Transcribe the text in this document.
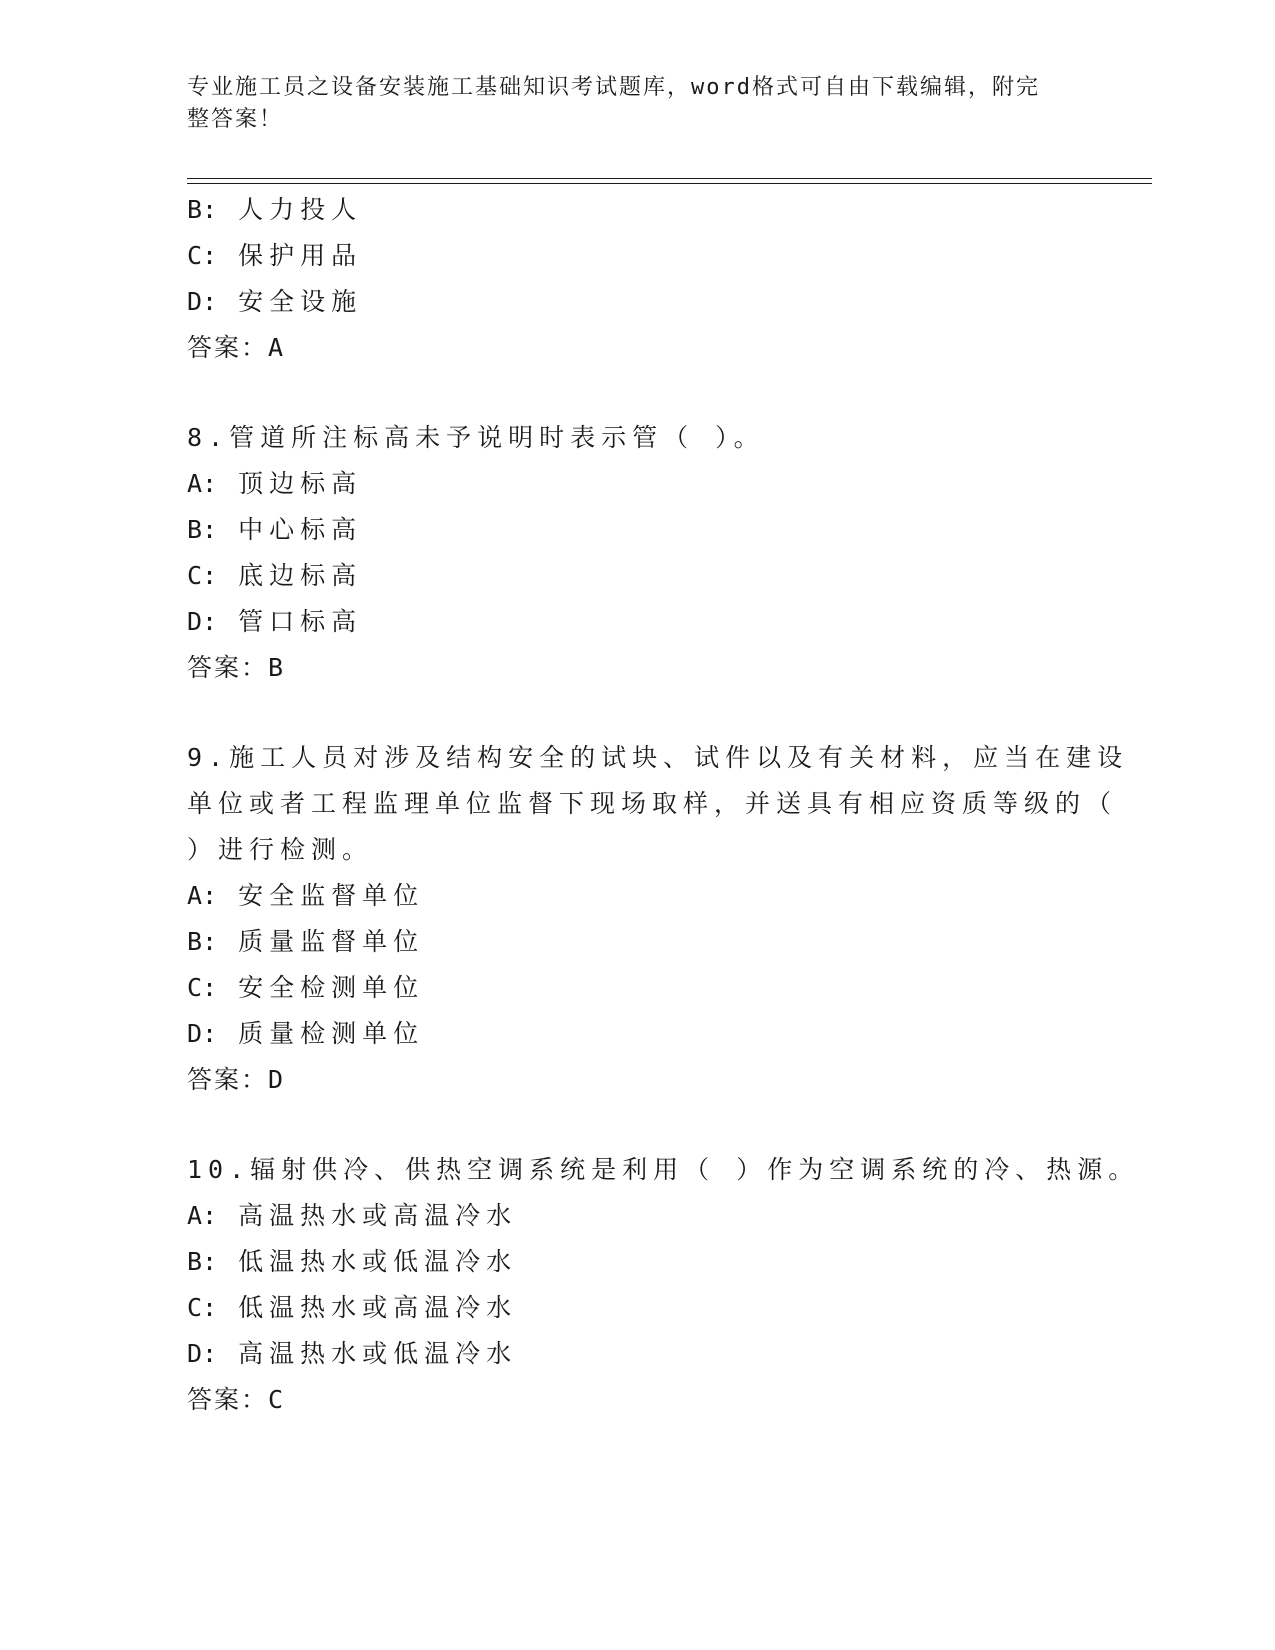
专业施工员之设备安装施工基础知识考试题库，word格式可自由下载编辑，附完
整答案！
B: 人力投人
C: 保护用品
D: 安全设施
答案：A
8.管道所注标高未予说明时表示管（ ）。
A: 顶边标高
B: 中心标高
C: 底边标高
D: 管口标高
答案：B
9.施工人员对涉及结构安全的试块、试件以及有关材料，应当在建设
单位或者工程监理单位监督下现场取样，并送具有相应资质等级的（
）进行检测。
A: 安全监督单位
B: 质量监督单位
C: 安全检测单位
D: 质量检测单位
答案：D
10.辐射供冷、供热空调系统是利用（ ）作为空调系统的冷、热源。
A: 高温热水或高温冷水
B: 低温热水或低温冷水
C: 低温热水或高温冷水
D: 高温热水或低温冷水
答案：C
